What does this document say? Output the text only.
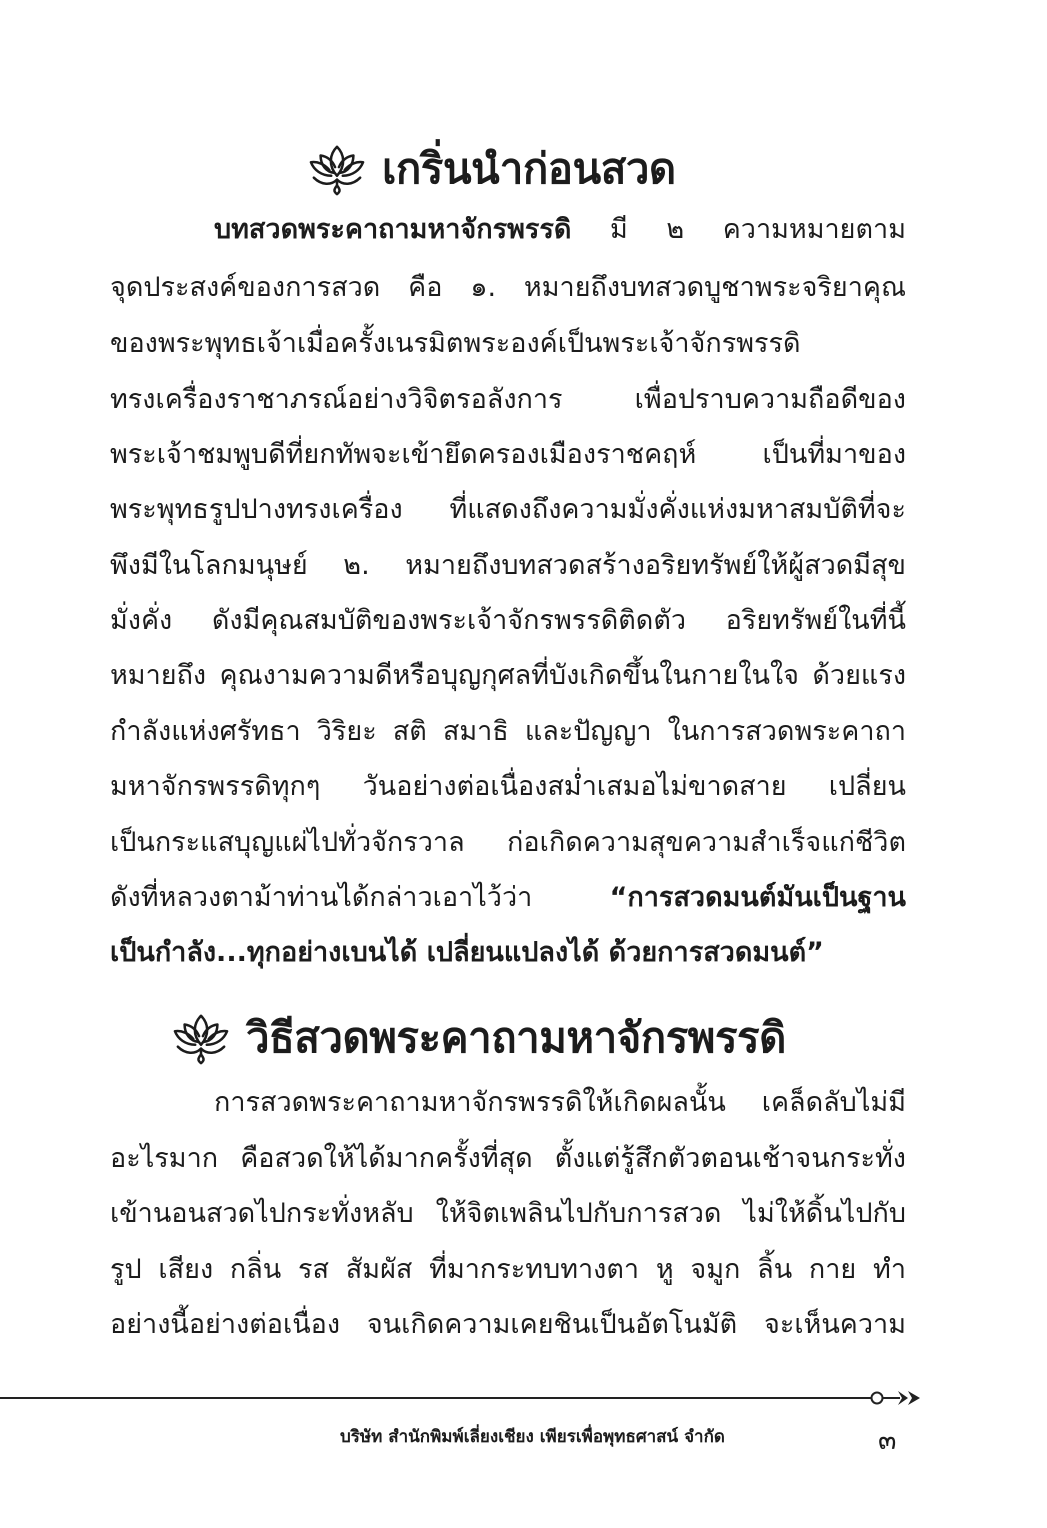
เกริ่นนำก่อนสวด
บทสวดพระคาถามหาจักรพรรดิ มี ๒ ความหมายตาม
จุดประสงค์ของการสวด คือ ๑. หมายถึงบทสวดบูชาพระจริยาคุณ
ของพระพุทธเจ้าเมื่อครั้งเนรมิตพระองค์เป็นพระเจ้าจักรพรรดิ
ทรงเครื่องราชาภรณ์อย่างวิจิตรอลังการ เพื่อปราบความถือดีของ
พระเจ้าชมพูบดีที่ยกทัพจะเข้ายึดครองเมืองราชคฤห์ เป็นที่มาของ
พระพุทธรูปปางทรงเครื่อง ที่แสดงถึงความมั่งคั่งแห่งมหาสมบัติที่จะ
พึงมีในโลกมนุษย์ ๒. หมายถึงบทสวดสร้างอริยทรัพย์ให้ผู้สวดมีสุข
มั่งคั่ง ดังมีคุณสมบัติของพระเจ้าจักรพรรดิติดตัว อริยทรัพย์ในที่นี้
หมายถึง คุณงามความดีหรือบุญกุศลที่บังเกิดขึ้นในกายในใจ ด้วยแรง
กำลังแห่งศรัทธา วิริยะ สติ สมาธิ และปัญญา ในการสวดพระคาถา
มหาจักรพรรดิทุกๆ วันอย่างต่อเนื่องสม่ำเสมอไม่ขาดสาย เปลี่ยน
เป็นกระแสบุญแผ่ไปทั่วจักรวาล ก่อเกิดความสุขความสำเร็จแก่ชีวิต
ดังที่หลวงตาม้าท่านได้กล่าวเอาไว้ว่า “การสวดมนต์มันเป็นฐาน
เป็นกำลัง...ทุกอย่างเบนได้ เปลี่ยนแปลงได้ ด้วยการสวดมนต์”
วิธีสวดพระคาถามหาจักรพรรดิ
การสวดพระคาถามหาจักรพรรดิให้เกิดผลนั้น เคล็ดลับไม่มี
อะไรมาก คือสวดให้ได้มากครั้งที่สุด ตั้งแต่รู้สึกตัวตอนเช้าจนกระทั่ง
เข้านอนสวดไปกระทั่งหลับ ให้จิตเพลินไปกับการสวด ไม่ให้ดิ้นไปกับ
รูป เสียง กลิ่น รส สัมผัส ที่มากระทบทางตา หู จมูก ลิ้น กาย ทำ
อย่างนี้อย่างต่อเนื่อง จนเกิดความเคยชินเป็นอัตโนมัติ จะเห็นความ
บริษัท สำนักพิมพ์เลี่ยงเชียง เพียรเพื่อพุทธศาสน์ จำกัด	๓
